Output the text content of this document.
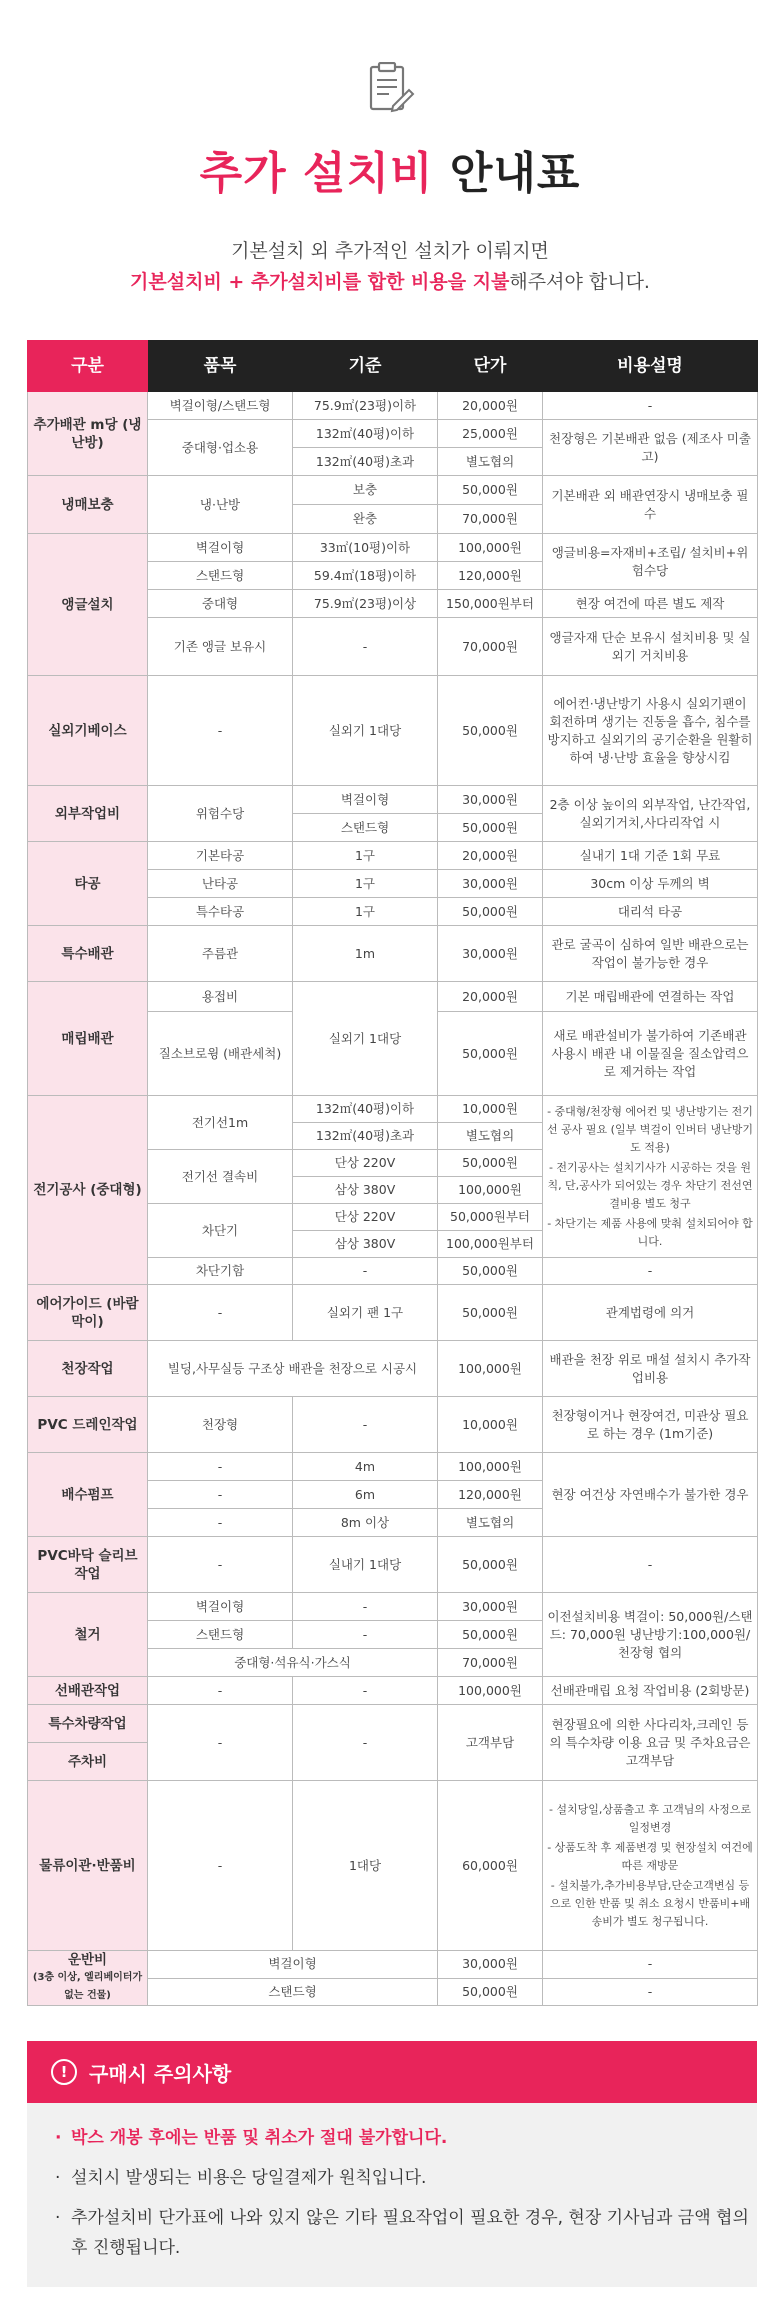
추가 설치비 안내표
기본설치 외 추가적인 설치가 이뤄지면
기본설치비 + 추가설치비를 합한 비용을 지불해주셔야 합니다.
구분	품목	기준	단가	비용설명
추가배관 m당 (냉난방)	벽걸이형/스탠드형	75.9㎡(23평)이하	20,000원	-
	중대형·업소용	132㎡(40평)이하	25,000원	천장형은 기본배관 없음 (제조사 미출고)
		132㎡(40평)초과	별도협의	
냉매보충	냉·난방	보충	50,000원	기본배관 외 배관연장시 냉매보충 필수
		완충	70,000원	
앵글설치	벽걸이형	33㎡(10평)이하	100,000원	앵글비용=자재비+조립/ 설치비+위험수당
	스탠드형	59.4㎡(18평)이하	120,000원	
	중대형	75.9㎡(23평)이상	150,000원부터	현장 여건에 따른 별도 제작
	기존 앵글 보유시	-	70,000원	앵글자재 단순 보유시 설치비용 및 실외기 거치비용
실외기베이스	-	실외기 1대당	50,000원	에어컨·냉난방기 사용시 실외기팬이 회전하며 생기는 진동을 흡수, 침수를 방지하고 실외기의 공기순환을 원활히 하여 냉·난방 효율을 향상시킴
외부작업비	위험수당	벽걸이형	30,000원	2층 이상 높이의 외부작업, 난간작업,실외기거치,사다리작업 시
		스탠드형	50,000원	
타공	기본타공	1구	20,000원	실내기 1대 기준 1회 무료
	난타공	1구	30,000원	30cm 이상 두께의 벽
	특수타공	1구	50,000원	대리석 타공
특수배관	주름관	1m	30,000원	관로 굴곡이 심하여 일반 배관으로는 작업이 불가능한 경우
매립배관	용접비	실외기 1대당	20,000원	기본 매립배관에 연결하는 작업
	질소브로윙 (배관세척)		50,000원	새로 배관설비가 불가하여 기존배관 사용시 배관 내 이물질을 질소압력으로 제거하는 작업
전기공사 (중대형)	전기선1m	132㎡(40평)이하	10,000원	- 중대형/천장형 에어컨 및 냉난방기는 전기선 공사 필요 (일부 벽걸이 인버터 냉난방기도 적용)
- 전기공사는 설치기사가 시공하는 것을 원칙, 단,공사가 되어있는 경우 차단기 전선연결비용 별도 청구
- 차단기는 제품 사용에 맞춰 설치되어야 합니다.

		132㎡(40평)초과	별도협의	
	전기선 결속비	단상 220V	50,000원	
		삼상 380V	100,000원	
	차단기	단상 220V	50,000원부터	
		삼상 380V	100,000원부터	
	차단기함	-	50,000원	-
에어가이드 (바람막이)	-	실외기 팬 1구	50,000원	관계법령에 의거
천장작업	빌딩,사무실등 구조상 배관을 천장으로 시공시		100,000원	배관을 천장 위로 매설 설치시 추가작업비용
PVC 드레인작업	천장형	-	10,000원	천장형이거나 현장여건, 미관상 필요로 하는 경우 (1m기준)
배수펌프	-	4m	100,000원	현장 여건상 자연배수가 불가한 경우
	-	6m	120,000원	
	-	8m 이상	별도협의	
PVC바닥 슬리브작업	-	실내기 1대당	50,000원	-
철거	벽걸이형	-	30,000원	이전설치비용 벽걸이: 50,000원/스탠드: 70,000원 냉난방기:100,000원/천장형 협의
	스탠드형	-	50,000원	
	중대형·석유식·가스식		70,000원	
선배관작업	-	-	100,000원	선배관매립 요청 작업비용 (2회방문)
특수차량작업	-	-	고객부담	현장필요에 의한 사다리차,크레인 등의 특수차량 이용 요금 및 주차요금은 고객부담
주차비				
물류이관·반품비	-	1대당	60,000원	- 설치당일,상품출고 후 고객님의 사정으로 일정변경
- 상품도착 후 제품변경 및 현장설치 여건에 따른 재방문
- 설치불가,추가비용부담,단순고객변심 등으로 인한 반품 및 취소 요청시 반품비+배송비가 별도 청구됩니다.

운반비
(3층 이상, 엘리베이터가 없는 건물)	벽걸이형		30,000원	-
	스탠드형		50,000원	-
!	구매시 주의사항
· 박스 개봉 후에는 반품 및 취소가 절대 불가합니다.
· 설치시 발생되는 비용은 당일결제가 원칙입니다.
· 추가설치비 단가표에 나와 있지 않은 기타 필요작업이 필요한 경우, 현장 기사님과 금액 협의 후 진행됩니다.
